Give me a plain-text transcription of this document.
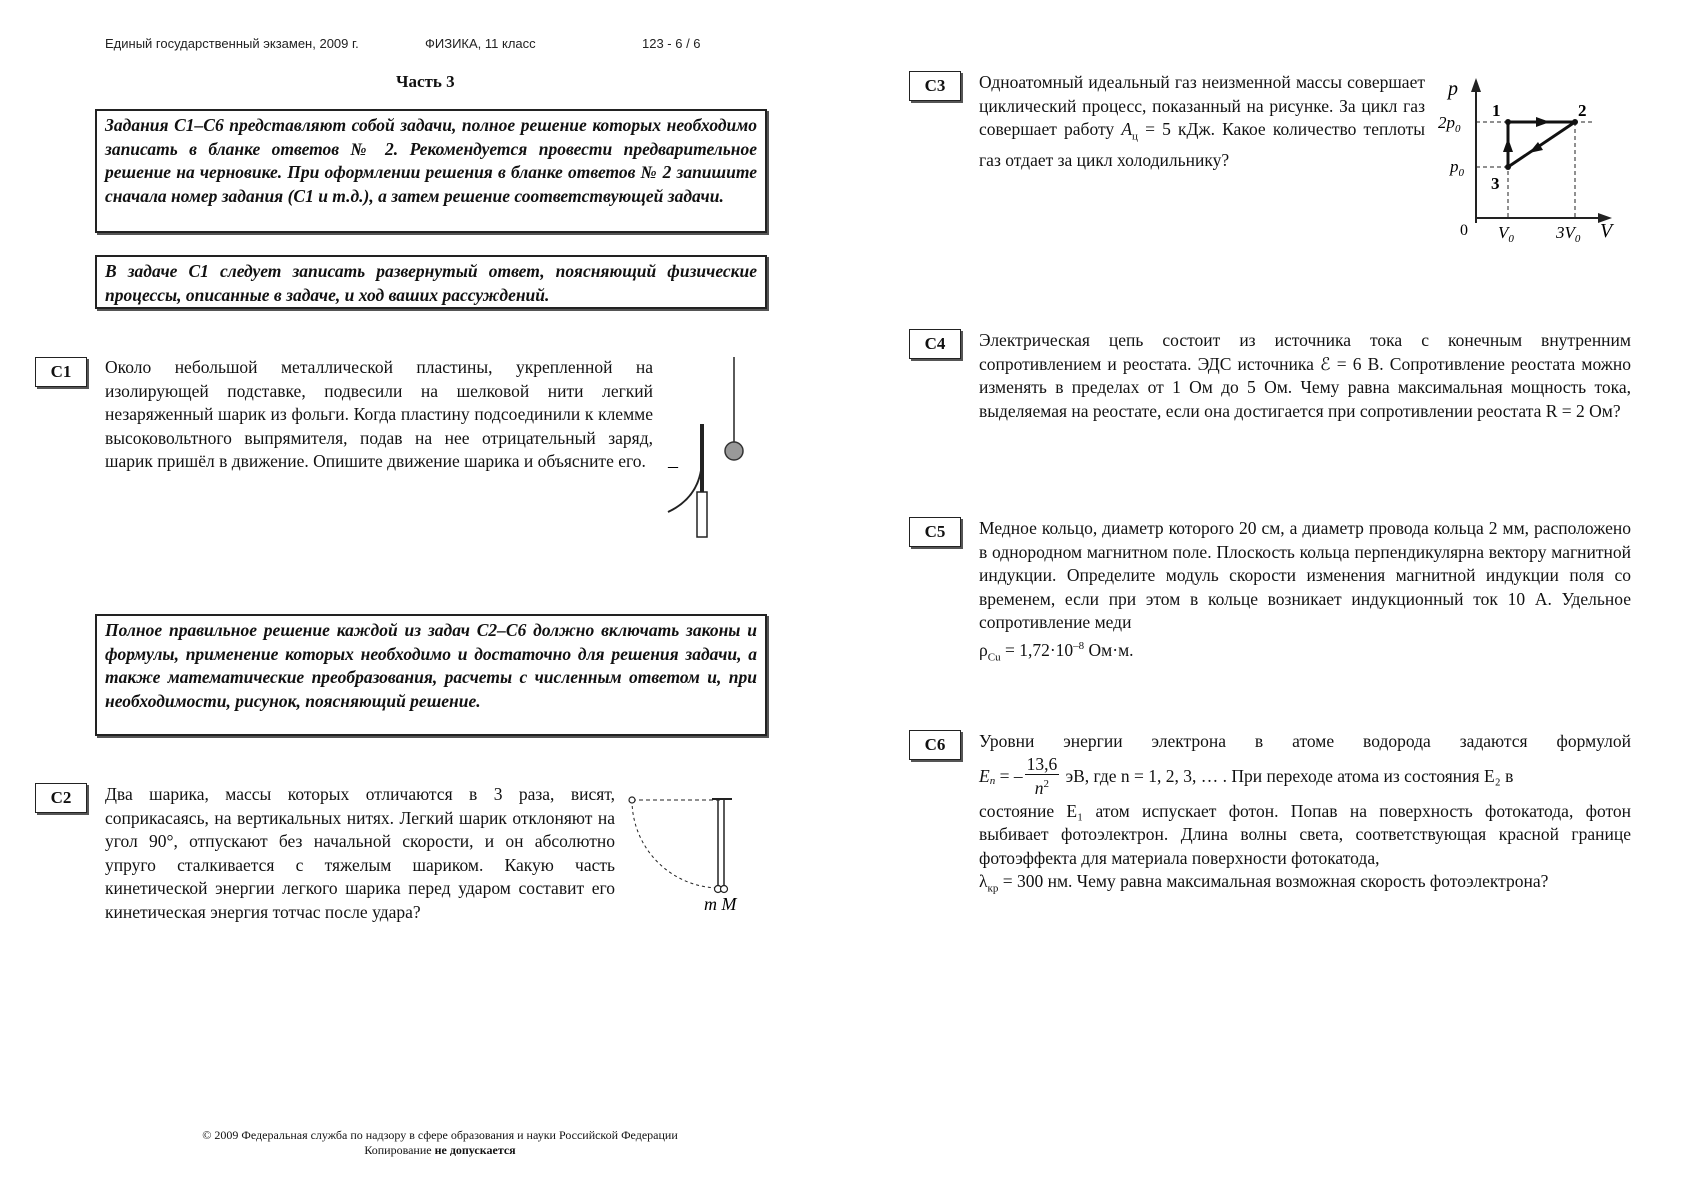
Единый государственный экзамен, 2009 г.	ФИЗИКА, 11 класс	123 - 6 / 6
Часть 3
Задания С1–С6 представляют собой задачи, полное решение которых необходимо записать в бланке ответов № 2. Рекомендуется провести предварительное решение на черновике. При оформлении решения в бланке ответов № 2 запишите сначала номер задания (С1 и т.д.), а затем решение соответствующей задачи.
В задаче С1 следует записать развернутый ответ, поясняющий физические процессы, описанные в задаче, и ход ваших рассуждений.
Полное правильное решение каждой из задач С2–С6 должно включать законы и формулы, применение которых необходимо и достаточно для решения задачи, а также математические преобразования, расчеты с численным ответом и, при необходимости, рисунок, поясняющий решение.
С1	Около небольшой металлической пластины, укрепленной на изолирующей подставке, подвесили на шелковой нити легкий незаряженный шарик из фольги. Когда пластину подсоединили к клемме высоковольтного выпрямителя, подав на нее отрицательный заряд, шарик пришёл в движение. Опишите движение шарика и объясните его.	–
С2	Два шарика, массы которых отличаются в 3 раза, висят, соприкасаясь, на вертикальных нитях. Легкий шарик отклоняют на угол 90°, отпускают без начальной скорости, и он абсолютно упруго сталкивается с тяжелым шариком. Какую часть кинетической энергии легкого шарика перед ударом составит его кинетическая энергия тотчас после удара?	m M
С3	Одноатомный идеальный газ неизменной массы совершает циклический процесс, показанный на рисунке. За цикл газ совершает работу $A_ц = 5$ кДж. Какое количество теплоты газ отдает за цикл холодильнику?
p
V
0
$2p_0$
$p_0$
$V_0$ $3V_0$
1	2
3
С4	Электрическая цепь состоит из источника тока с конечным внутренним сопротивлением и реостата. ЭДС источника ℰ = 6 В. Сопротивление реостата можно изменять в пределах от 1 Ом до 5 Ом. Чему равна максимальная мощность тока, выделяемая на реостате, если она достигается при сопротивлении реостата R = 2 Ом?
С5	Медное кольцо, диаметр которого 20 см, а диаметр провода кольца 2 мм, расположено в однородном магнитном поле. Плоскость кольца перпендикулярна вектору магнитной индукции. Определите модуль скорости изменения магнитной индукции поля со временем, если при этом в кольце возникает индукционный ток 10 А. Удельное сопротивление меди
$\rho_{Cu} = 1,72\cdot 10^{-8}$ Ом·м.
С6	Уровни энергии электрона в атоме водорода задаются формулой

$E_n$ = – $\frac{13,6}{n^2}$ эВ, где n = 1, 2, 3, … . При переходе атома из состояния E₂ в

состояние E₁ атом испускает фотон. Попав на поверхность фотокатода, фотон выбивает фотоэлектрон. Длина волны света, соответствующая красной границе фотоэффекта для материала поверхности фотокатода,

$\lambda_{кр} = 300$ нм. Чему равна максимальная возможная скорость фотоэлектрона?

© 2009 Федеральная служба по надзору в сфере образования и науки Российской Федерации
Копирование не допускается
